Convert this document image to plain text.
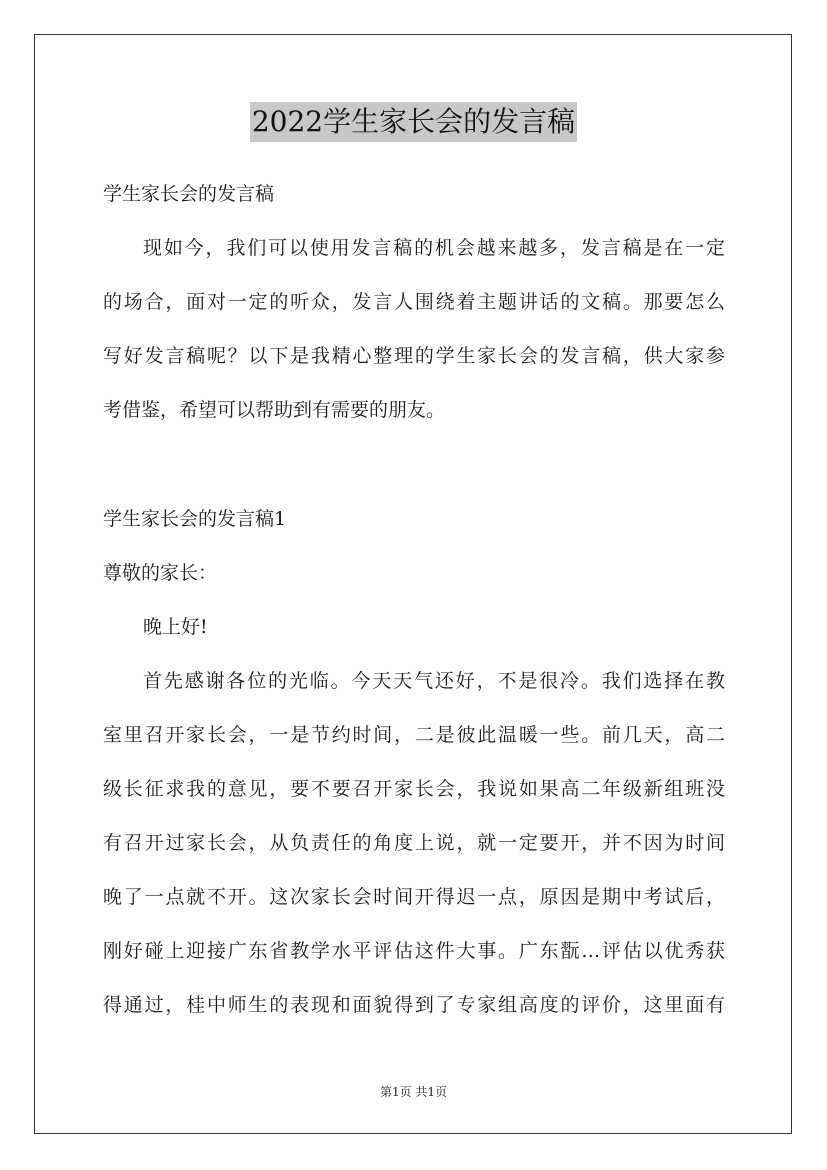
2022学生家长会的发言稿
学生家长会的发言稿
现如今，我们可以使用发言稿的机会越来越多，发言稿是在一定
的场合，面对一定的听众，发言人围绕着主题讲话的文稿。那要怎么
写好发言稿呢？以下是我精心整理的学生家长会的发言稿，供大家参
考借鉴，希望可以帮助到有需要的朋友。
学生家长会的发言稿1
尊敬的家长：
晚上好!
首先感谢各位的光临。今天天气还好，不是很冷。我们选择在教
室里召开家长会，一是节约时间，二是彼此温暖一些。前几天，高二
级长征求我的意见，要不要召开家长会，我说如果高二年级新组班没
有召开过家长会，从负责任的角度上说，就一定要开，并不因为时间
晚了一点就不开。这次家长会时间开得迟一点，原因是期中考试后，
刚好碰上迎接广东省教学水平评估这件大事。广东翫…评估以优秀获
得通过，桂中师生的表现和面貌得到了专家组高度的评价，这里面有
第1页 共1页
